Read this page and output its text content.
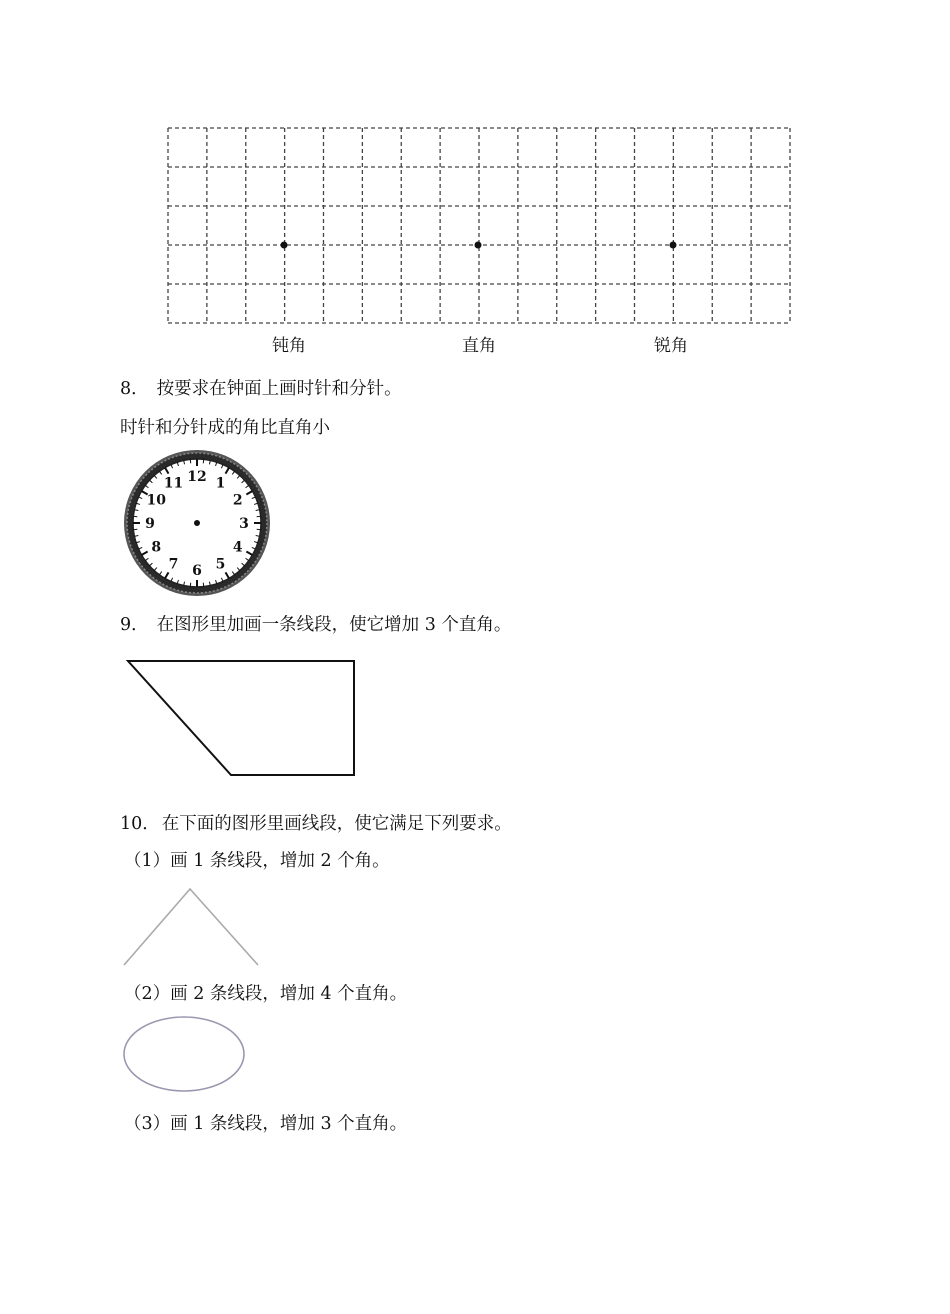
钝角	直角	锐角
8． 按要求在钟面上画时针和分针。
时针和分针成的角比直角小
12 1
2
3
4
5
6
7
8
9
10
11
9． 在图形里加画一条线段，使它增加 3 个直角。
10． 在下面的图形里画线段，使它满足下列要求。
（1）画 1 条线段，增加 2 个角。
（2）画 2 条线段，增加 4 个直角。
（3）画 1 条线段，增加 3 个直角。
